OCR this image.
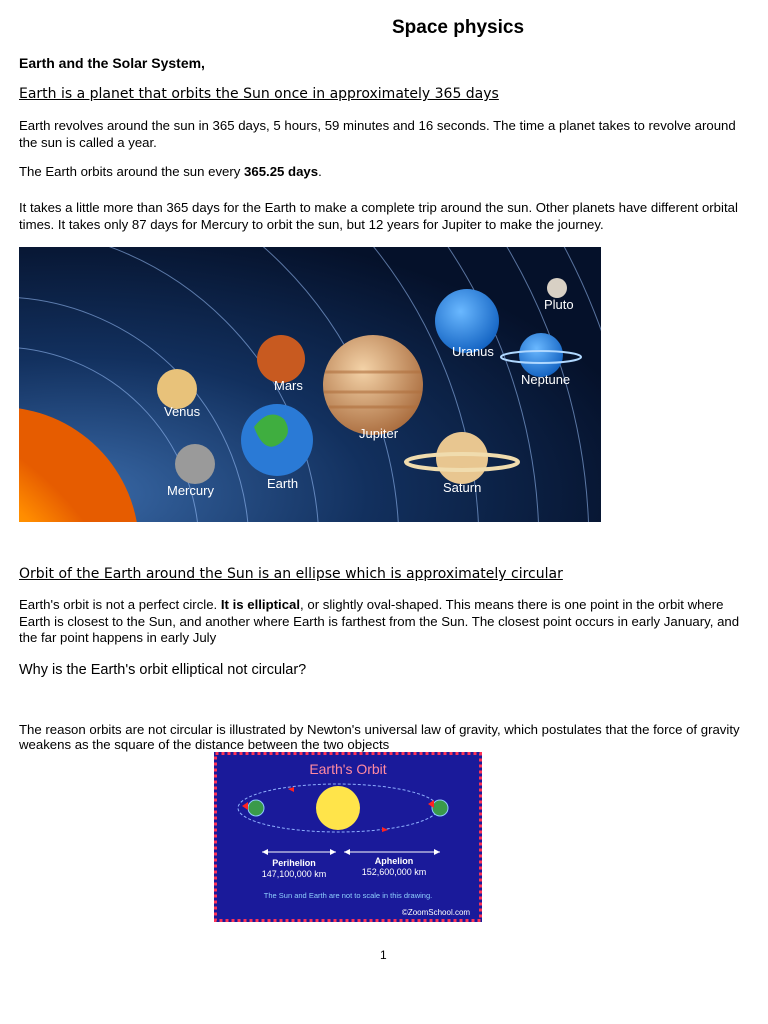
Space physics
Earth and the Solar System,
Earth is a planet that orbits the Sun once in approximately 365 days
Earth revolves around the sun in 365 days, 5 hours, 59 minutes and 16 seconds. The time a planet takes to revolve around the sun is called a year.
The Earth orbits around the sun every 365.25 days.
It takes a little more than 365 days for the Earth to make a complete trip around the sun. Other planets have different orbital times. It takes only 87 days for Mercury to orbit the sun, but 12 years for Jupiter to make the journey.
Mercury
Venus
Earth
Mars
Jupiter
Saturn
Uranus
Neptune
Pluto
Orbit of the Earth around the Sun is an ellipse which is approximately circular
Earth's orbit is not a perfect circle. It is elliptical, or slightly oval-shaped. This means there is one point in the orbit where Earth is closest to the Sun, and another where Earth is farthest from the Sun. The closest point occurs in early January, and the far point happens in early July
Why is the Earth's orbit elliptical not circular?
The reason orbits are not circular is illustrated by Newton's universal law of gravity, which postulates that the force of gravity weakens as the square of the distance between the two objects
Earth's Orbit
Perihelion
147,100,000 km
Aphelion
152,600,000 km
The Sun and Earth are not to scale in this drawing.
©ZoomSchool.com
1
